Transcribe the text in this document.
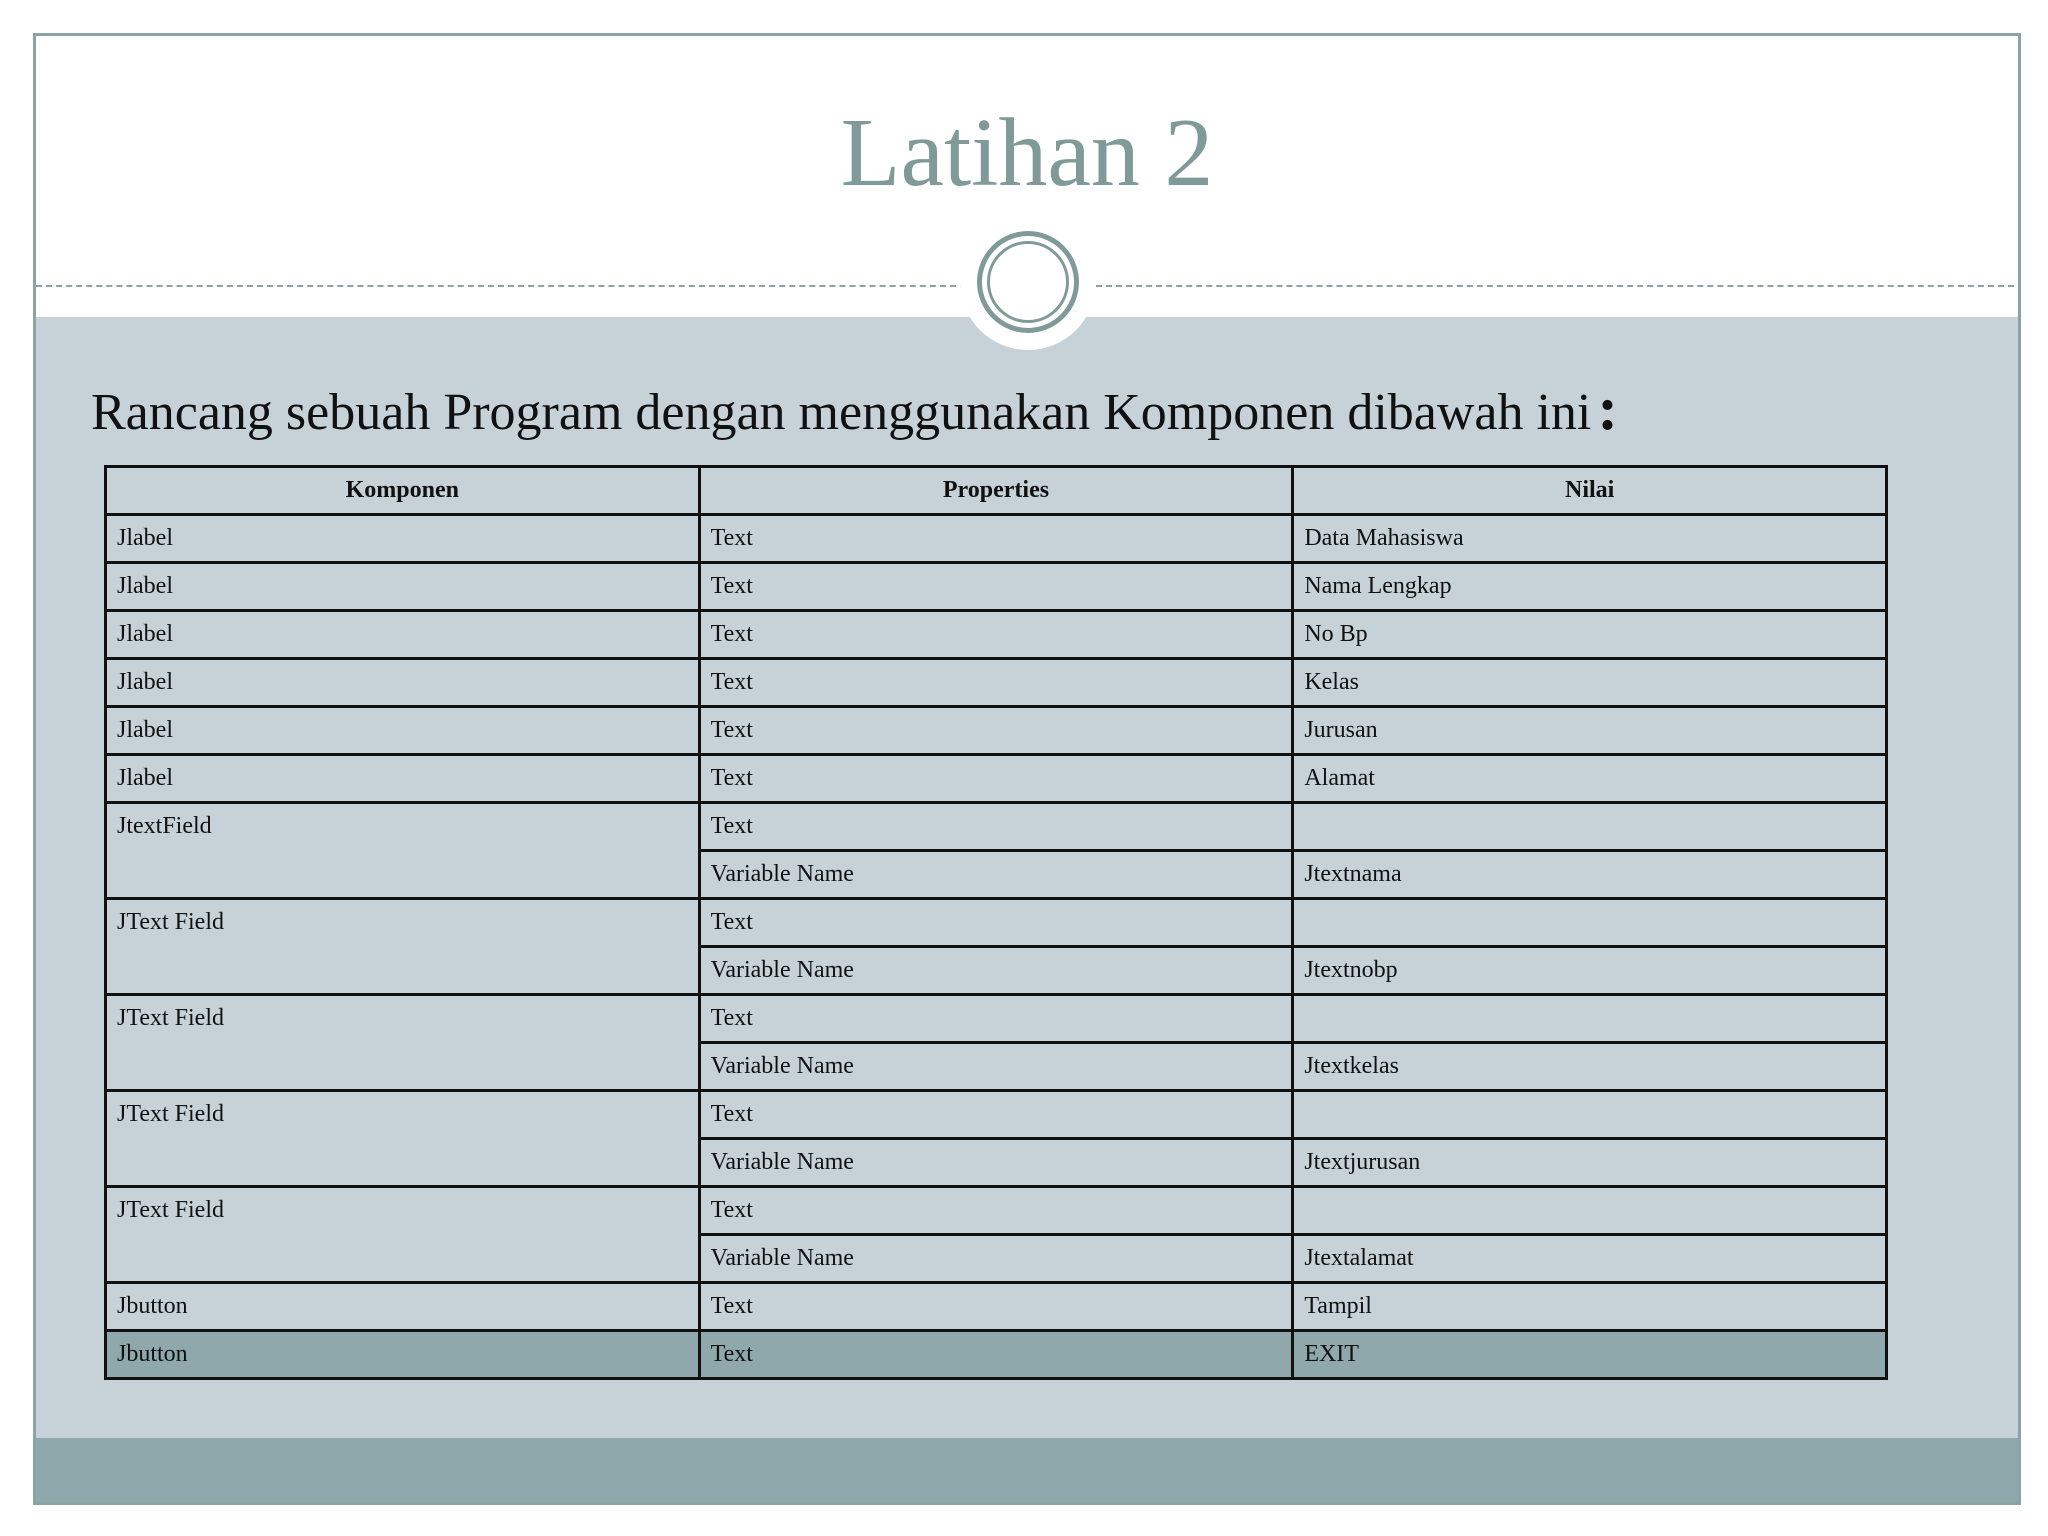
Latihan 2
Rancang sebuah Program dengan menggunakan Komponen dibawah ini:
Komponen	Properties	Nilai
Jlabel	Text	Data Mahasiswa
Jlabel	Text	Nama Lengkap
Jlabel	Text	No Bp
Jlabel	Text	Kelas
Jlabel	Text	Jurusan
Jlabel	Text	Alamat
JtextField	Text	
	Variable Name	Jtextnama
JText Field	Text	
	Variable Name	Jtextnobp
JText Field	Text	
	Variable Name	Jtextkelas
JText Field	Text	
	Variable Name	Jtextjurusan
JText Field	Text	
	Variable Name	Jtextalamat
Jbutton	Text	Tampil
Jbutton	Text	EXIT
